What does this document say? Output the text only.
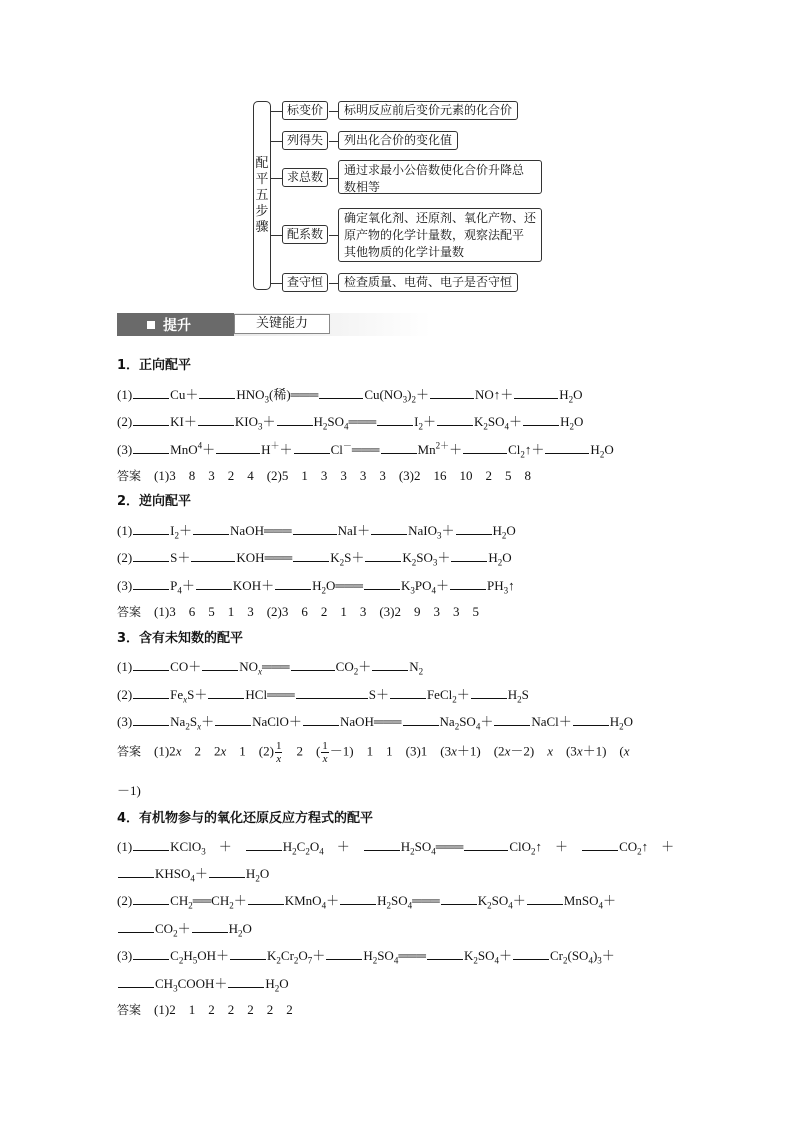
配平五步骤
标变价	标明反应前后变价元素的化合价
列得失	列出化合价的变化值
求总数	通过求最小公倍数使化合价升降总
数相等
配系数
确定氧化剂、还原剂、氧化产物、还
原产物的化学计量数，观察法配平
其他物质的化学计量数
查守恒	检查质量、电荷、电子是否守恒
提升	关键能力
1．正向配平
(1)	Cu＋	$HNO_3$(稀)═══	$Cu(NO_3)_2+$	NO↑＋	$H_2O$
(2)	KI＋	$KIO_3+$	$H_2SO_4═══$	$I_2+$	$K_2SO_4+$	$H_2O$
(3)	MnO$^4$＋	H＋＋	Cl－═══	$Mn^{2+}+$	$Cl_2↑+$	$H_2O$
答案　 (1)3　8　3　2　4　(2)5　1　3　3　3　3　(3)2　16　10　2　5　8
2．逆向配平
(1)	$I_2+$	NaOH═══	NaI＋	NaIO$_3$＋	$H_2O$
(2)	S＋	KOH═══	$K_2S+$	$K_2SO_3+$	$H_2O$
(3)	$P_4+$	KOH＋	$H_2O═══$	$K_3PO_4+$	$PH_3↑$
答案　 (1)3　6　5　1　3　(2)3　6　2　1　3　(3)2　9　3　3　5
3．含有未知数的配平
(1)	CO＋	$NO_x═══$	$CO_2+$	$N_2$
(2)	$Fe_xS+$	HCl═══	S＋	FeCl$_2$＋	$H_2S$
(3)	$Na_2S_x+$	NaClO＋	NaOH═══	$Na_2SO_4+$	NaCl＋	$H_2O$
答案　(1)2x　2　2x　1　$(2) \frac{1}{x}$ 　2　( $\frac{1}{x} -1$)　1　1　(3)1　(3x＋1)　(2x－2)　x　(3x＋1)　(x
－1)
4．有机物参与的氧化还原反应方程式的配平
(1)	KClO$_3$　＋　	$H_2C_2O_4$　＋　	$H_2SO_4═══$	ClO$_2$↑　＋　	$CO_2↑$　＋
$KHSO_4+$	$H_2O$
(2)	$CH_2══CH_2+$	KMnO$_4$＋	$H_2SO_4═══$	$K_2SO_4+$	MnSO$_4$＋
$CO_2+$	$H_2O$
(3)	$C_2H_5OH+$	$K_2Cr_2O_7+$	$H_2SO_4═══$	$K_2SO_4+$	$Cr_2(SO_4)_3+$
$CH_3COOH+$	$H_2O$
答案　 (1)2　1　2　2　2　2　2
